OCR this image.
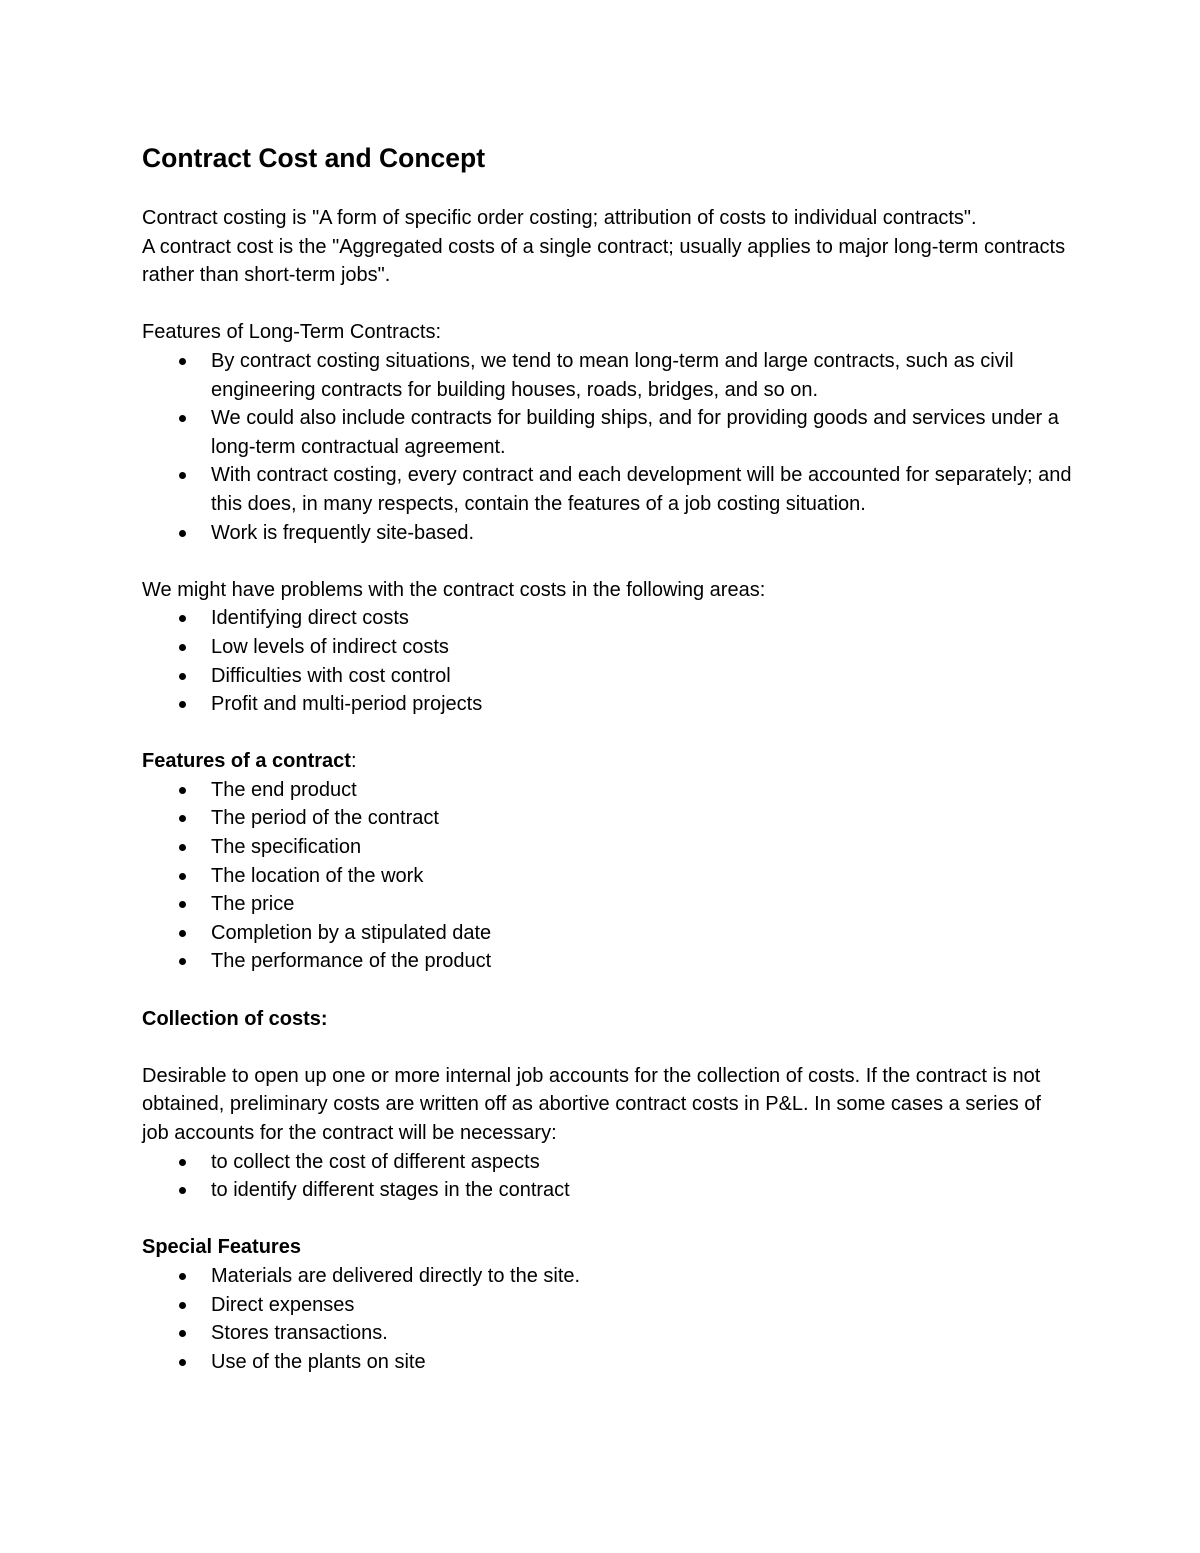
Contract Cost and Concept

Contract costing is "A form of specific order costing; attribution of costs to individual contracts".

A contract cost is the "Aggregated costs of a single contract; usually applies to major long-term contracts rather than short-term jobs".

Features of Long-Term Contracts:

By contract costing situations, we tend to mean long-term and large contracts, such as civil engineering contracts for building houses, roads, bridges, and so on.
We could also include contracts for building ships, and for providing goods and services under a long-term contractual agreement.
With contract costing, every contract and each development will be accounted for separately; and this does, in many respects, contain the features of a job costing situation.
Work is frequently site-based.

We might have problems with the contract costs in the following areas:

Identifying direct costs
Low levels of indirect costs
Difficulties with cost control
Profit and multi-period projects

Features of a contract:

The end product
The period of the contract
The specification
The location of the work
The price
Completion by a stipulated date
The performance of the product

Collection of costs:

Desirable to open up one or more internal job accounts for the collection of costs. If the contract is not obtained, preliminary costs are written off as abortive contract costs in P&L. In some cases a series of job accounts for the contract will be necessary:

to collect the cost of different aspects
to identify different stages in the contract

Special Features

Materials are delivered directly to the site.
Direct expenses
Stores transactions.
Use of the plants on site
